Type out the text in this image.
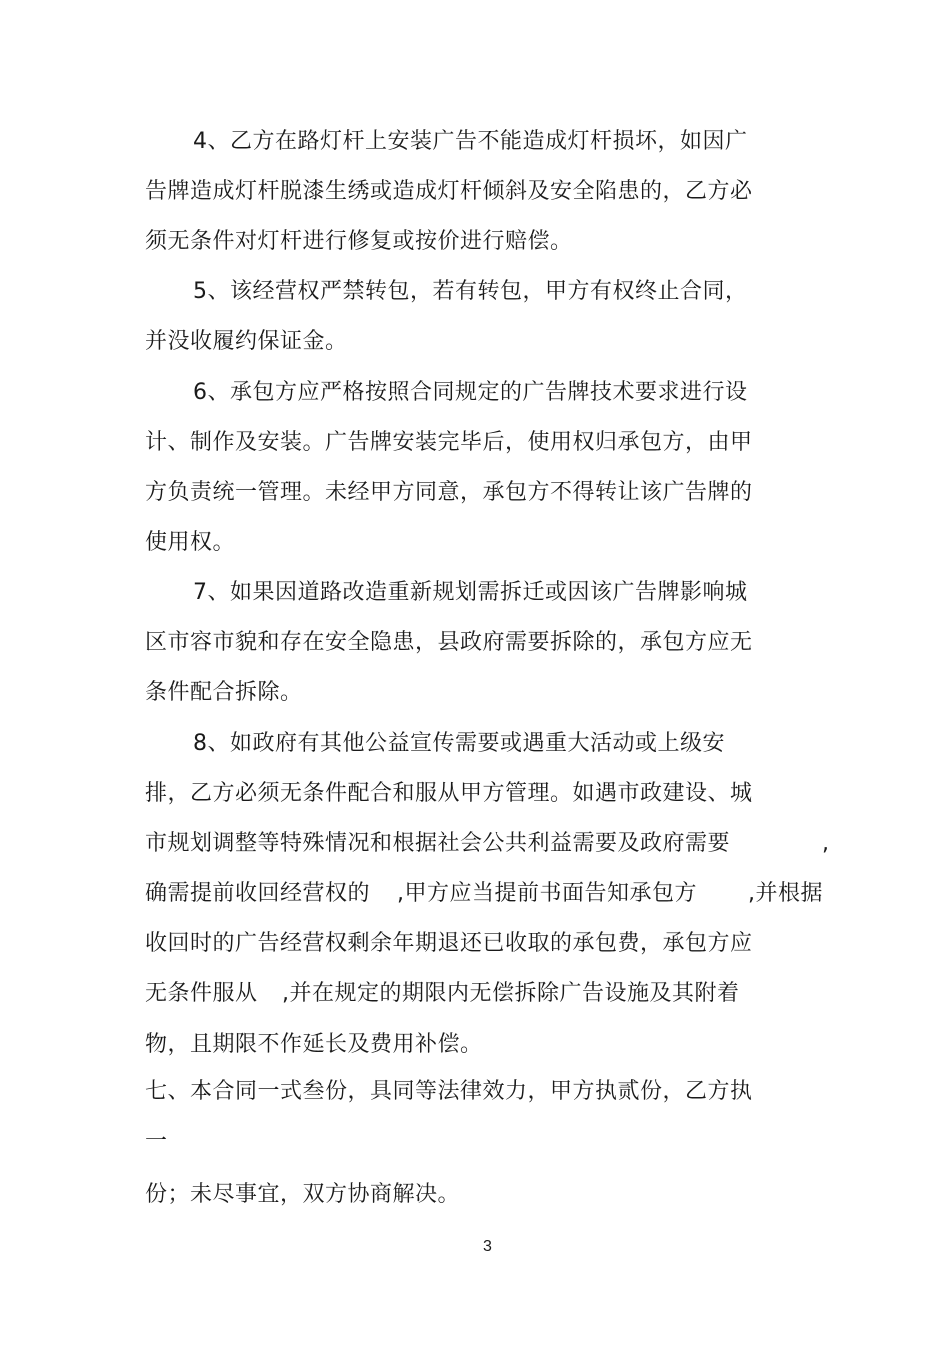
4、乙方在路灯杆上安装广告不能造成灯杆损坏，如因广
告牌造成灯杆脱漆生绣或造成灯杆倾斜及安全陷患的，乙方必
须无条件对灯杆进行修复或按价进行赔偿。
5、该经营权严禁转包，若有转包，甲方有权终止合同，
并没收履约保证金。
6、承包方应严格按照合同规定的广告牌技术要求进行设
计、制作及安装。广告牌安装完毕后，使用权归承包方，由甲
方负责统一管理。未经甲方同意，承包方不得转让该广告牌的
使用权。
7、如果因道路改造重新规划需拆迁或因该广告牌影响城
区市容市貌和存在安全隐患，县政府需要拆除的，承包方应无
条件配合拆除。
8、如政府有其他公益宣传需要或遇重大活动或上级安
排，乙方必须无条件配合和服从甲方管理。如遇市政建设、城
市规划调整等特殊情况和根据社会公共利益需要及政府需要	,
确需提前收回经营权的 ,甲方应当提前书面告知承包方 ,并根据
收回时的广告经营权剩余年期退还已收取的承包费，承包方应
无条件服从 ,并在规定的期限内无偿拆除广告设施及其附着
物，且期限不作延长及费用补偿。
七、本合同一式叁份，具同等法律效力，甲方执贰份，乙方执
一
份；未尽事宜，双方协商解决。
3
